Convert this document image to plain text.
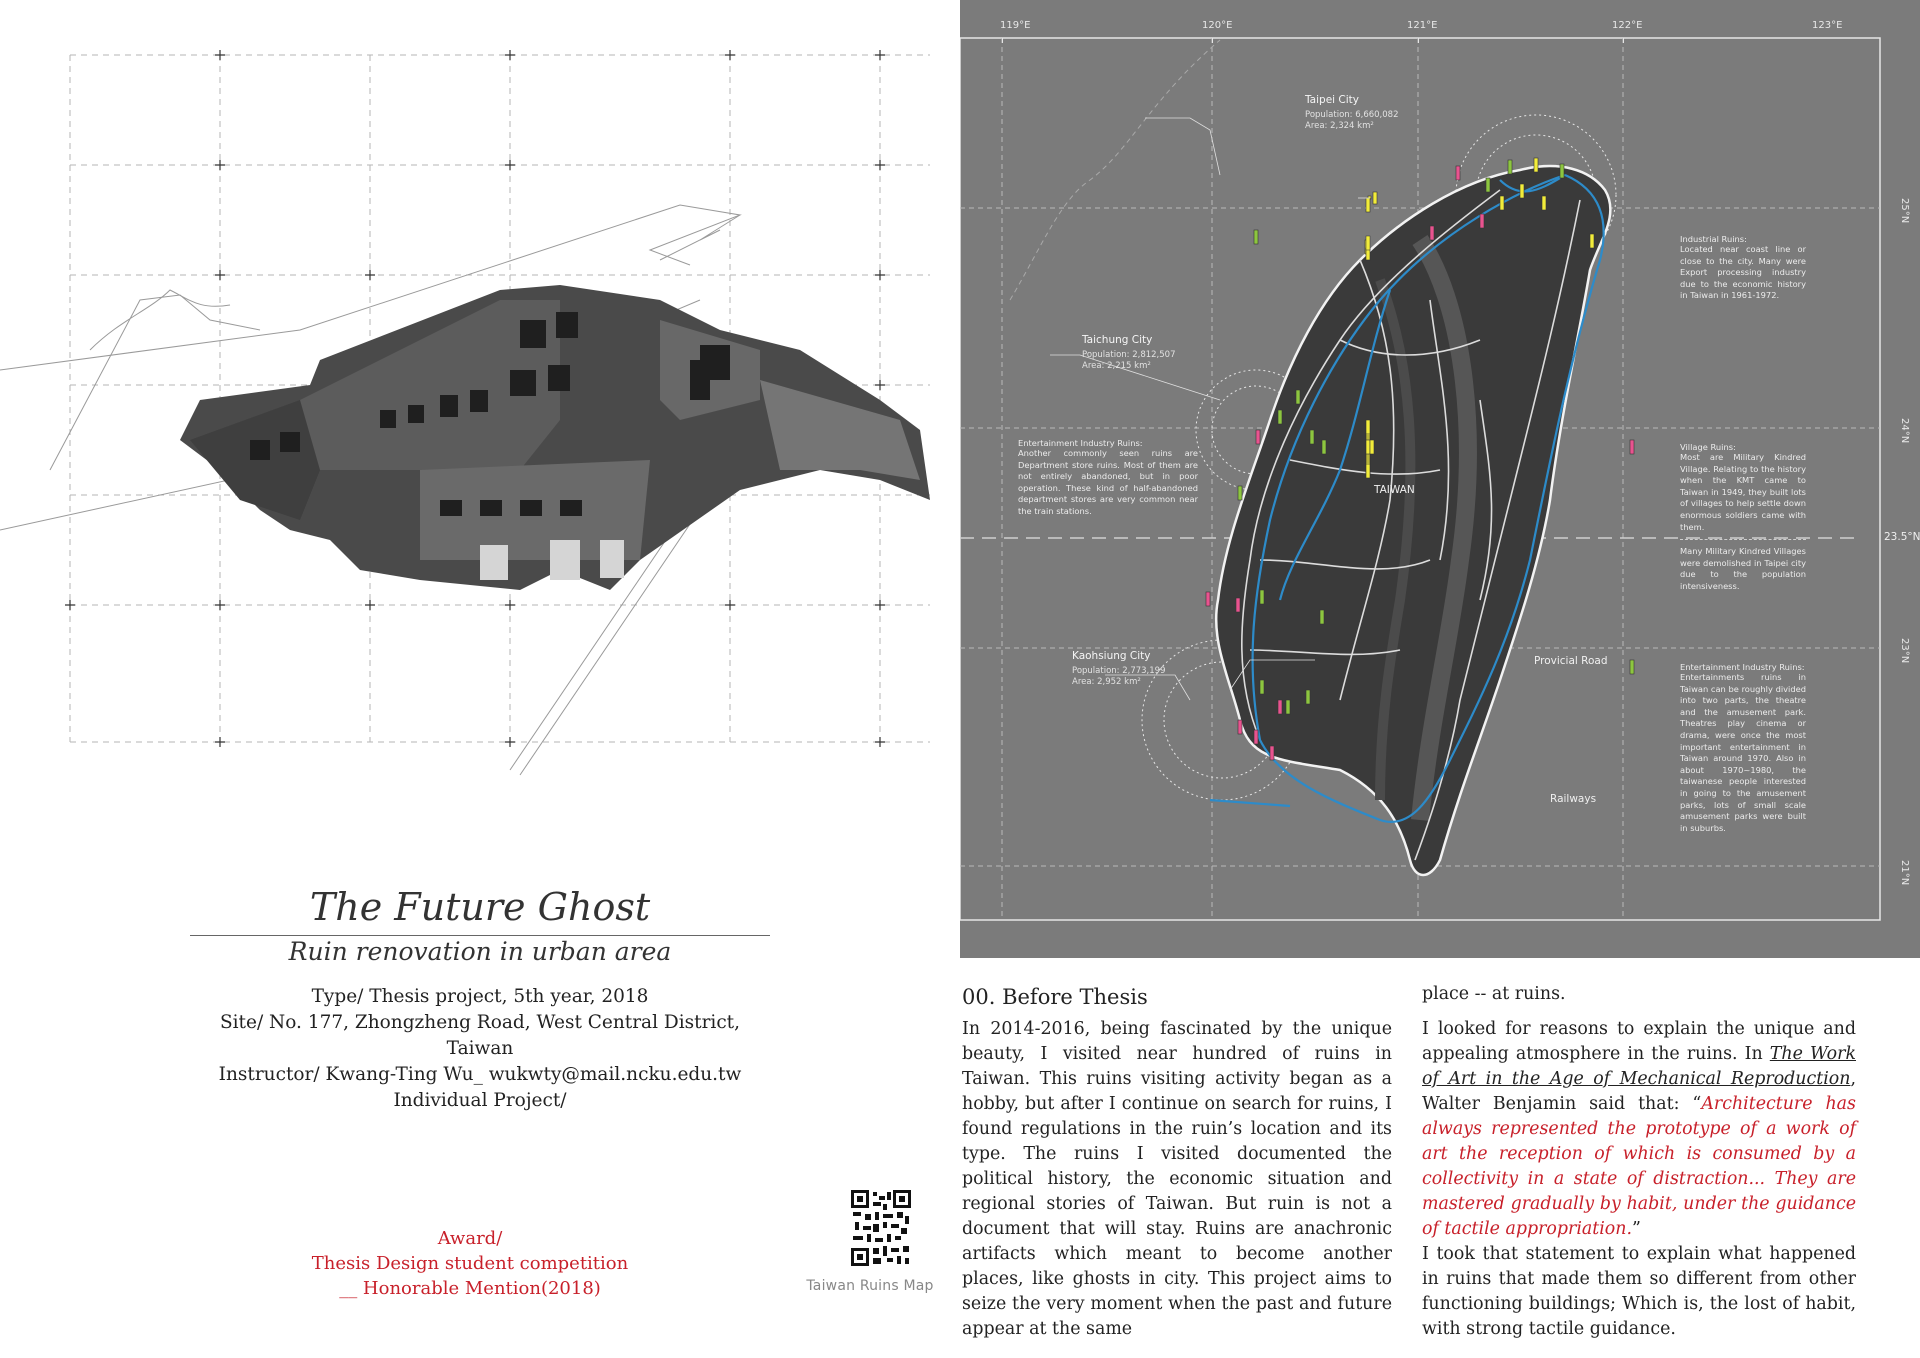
The Future Ghost
Ruin renovation in urban area
Type/ Thesis project, 5th year, 2018
Site/ No. 177, Zhongzheng Road, West Central District, Taiwan
Instructor/ Kwang-Ting Wu_ wukwty@mail.ncku.edu.tw
Individual Project/
Award/
Thesis Design student competition
__ Honorable Mention(2018)	Taiwan Ruins Map
119°E	120°E	121°E	122°E	123°E
25°N
24°N
23°N
21°N
23.5°N
TAIWAN
Taipei City
Population: 6,660,082
Area: 2,324 km²
Taichung City
Population: 2,812,507
Area: 2,215 km²
Kaohsiung City
Population: 2,773,199
Area: 2,952 km²
Provicial Road
Railways
Entertainment Industry Ruins:
Another commonly seen ruins are Department store ruins. Most of them are not entirely abandoned, but in poor operation. These kind of half-abandoned department stores are very common near the train stations.
Industrial Ruins:
Located near coast line or close to the city. Many were Export processing industry due to the economic history in Taiwan in 1961-1972.
Village Ruins:
Most are Military Kindred Village. Relating to the history when the KMT came to Taiwan in 1949, they built lots of villages to help settle down enormous soldiers came with them.
Many Military Kindred Villages were demolished in Taipei city due to the population intensiveness.
Entertainment Industry Ruins:
Entertainments ruins in Taiwan can be roughly divided into two parts, the theatre and the amusement park. Theatres play cinema or drama, were once the most important entertainment in Taiwan around 1970. Also in about 1970~1980, the taiwanese people interested in going to the amusement parks, lots of small scale amusement parks were built in suburbs.
00. Before Thesis

In 2014-2016, being fascinated by the unique beauty, I visited near hundred of ruins in Taiwan. This ruins visiting activity began as a hobby, but after I continue on search for ruins, I found regulations in the ruin’s location and its type. The ruins I visited documented the political history, the economic situation and regional stories of Taiwan. But ruin is not a document that will stay. Ruins are anachronic artifacts which meant to become another places, like ghosts in city. This project aims to seize the very moment when the past and future appear at the same

place -- at ruins.

I looked for reasons to explain the unique and appealing atmosphere in the ruins. In The Work of Art in the Age of Mechanical Reproduction, Walter Benjamin said that: “Architecture has always represented the prototype of a work of art the reception of which is consumed by a collectivity in a state of distraction... They are mastered gradually by habit, under the guidance of tactile appropriation.”

I took that statement to explain what happened in ruins that made them so different from other functioning buildings; Which is, the lost of habit, with strong tactile guidance.
